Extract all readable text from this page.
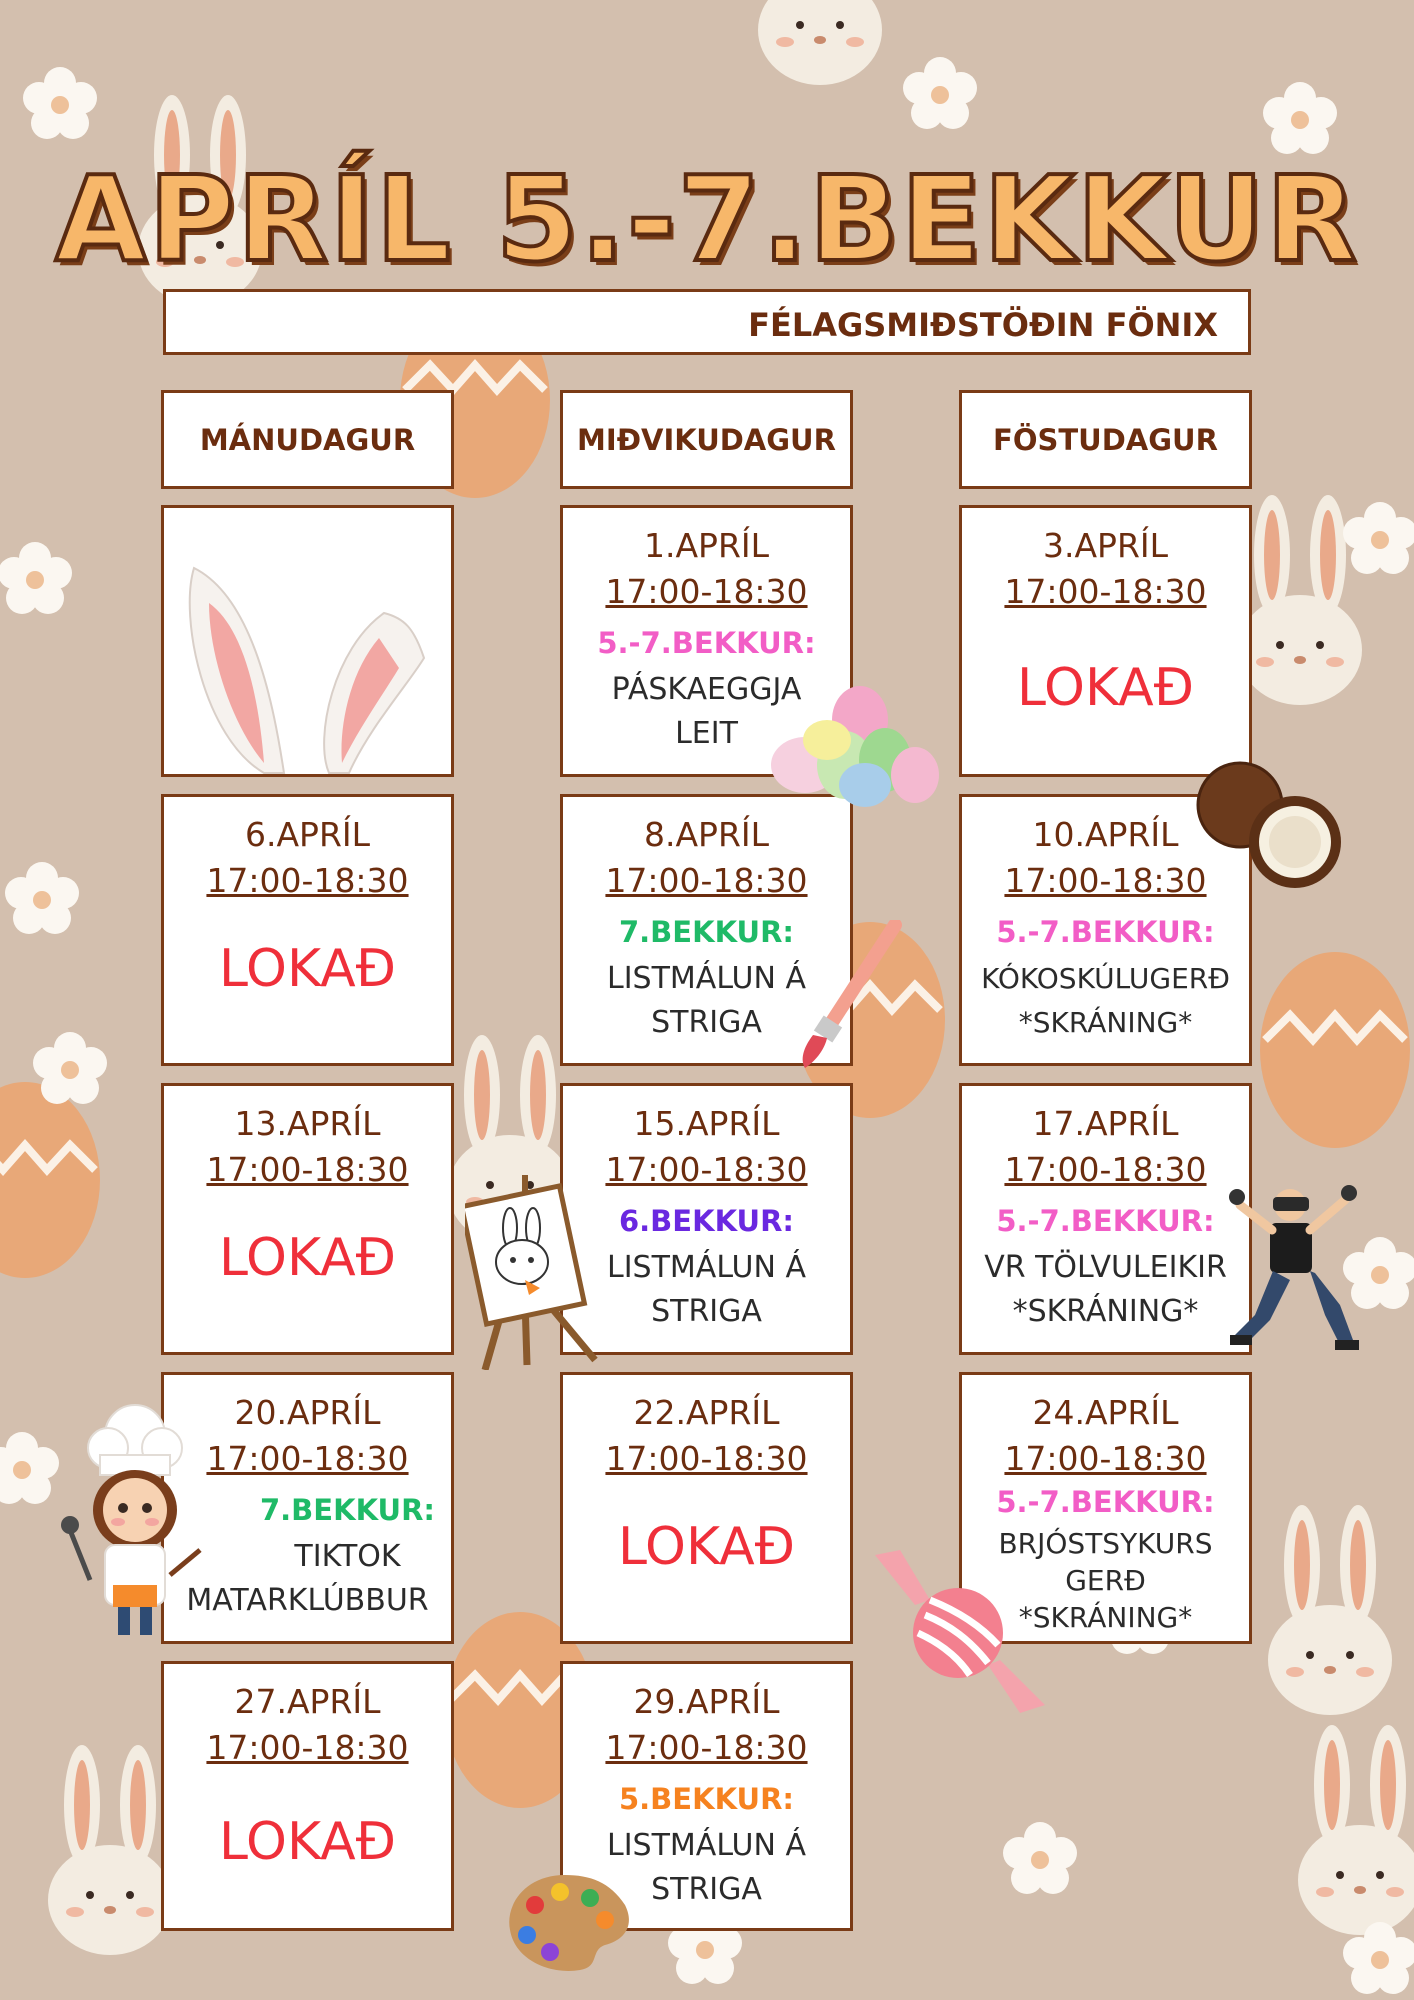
APRÍL 5.-7.BEKKUR
FÉLAGSMIÐSTÖÐIN FÖNIX
MÁNUDAGUR	MIÐVIKUDAGUR	FÖSTUDAGUR
1.APRÍL
17:00-18:30
5.-7.BEKKUR:
PÁSKAEGGJA
LEIT
3.APRÍL
17:00-18:30
LOKAÐ
6.APRÍL
17:00-18:30
LOKAÐ
8.APRÍL
17:00-18:30
7.BEKKUR:
LISTMÁLUN Á
STRIGA
10.APRÍL
17:00-18:30
5.-7.BEKKUR:
KÓKOSKÚLUGERÐ
*SKRÁNING*
13.APRÍL
17:00-18:30
LOKAÐ
15.APRÍL
17:00-18:30
6.BEKKUR:
LISTMÁLUN Á
STRIGA
17.APRÍL
17:00-18:30
5.-7.BEKKUR:
VR TÖLVULEIKIR
*SKRÁNING*
20.APRÍL
17:00-18:30
7.BEKKUR:
TIKTOK
MATARKLÚBBUR
22.APRÍL
17:00-18:30
LOKAÐ
24.APRÍL
17:00-18:30
5.-7.BEKKUR:
BRJÓSTSYKURS
GERÐ
*SKRÁNING*
27.APRÍL
17:00-18:30
LOKAÐ
29.APRÍL
17:00-18:30
5.BEKKUR:
LISTMÁLUN Á
STRIGA
